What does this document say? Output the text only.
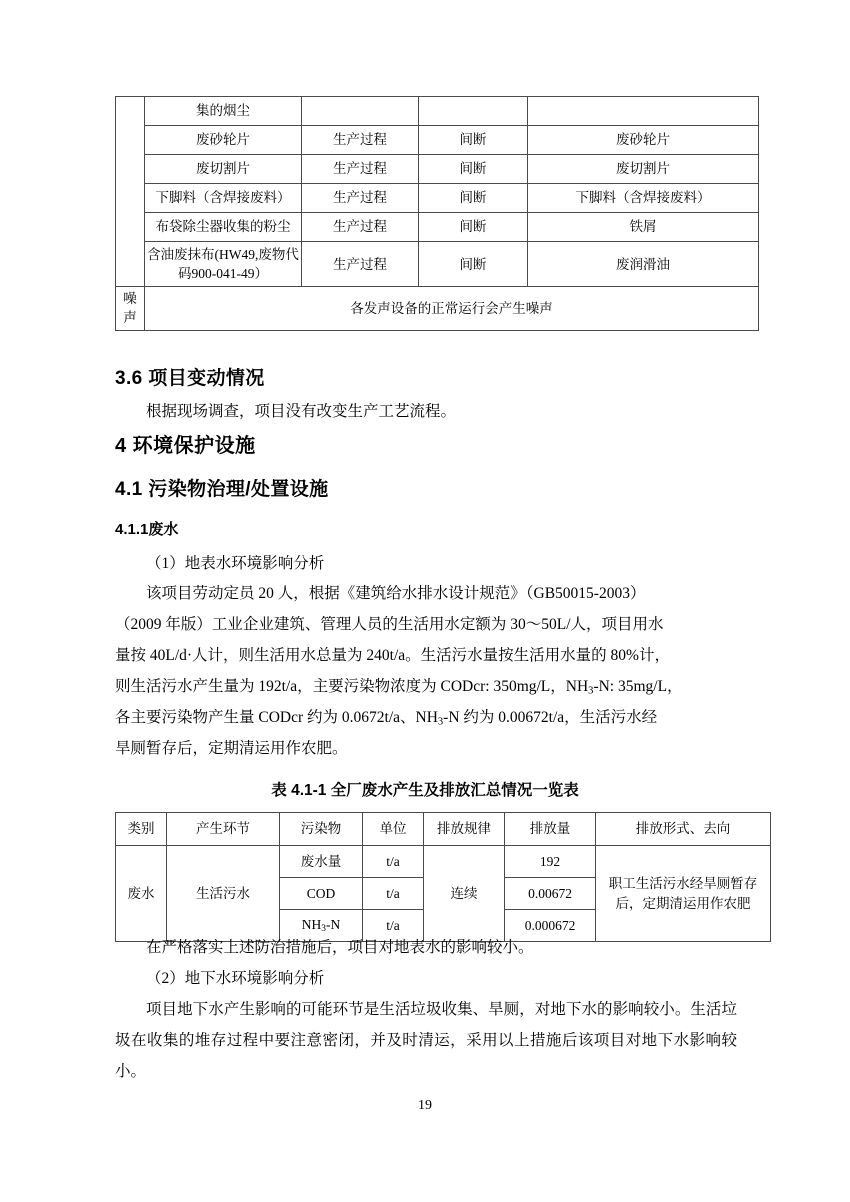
	集的烟尘			
	废砂轮片	生产过程	间断	废砂轮片
	废切割片	生产过程	间断	废切割片
	下脚料（含焊接废料）	生产过程	间断	下脚料（含焊接废料）
	布袋除尘器收集的粉尘	生产过程	间断	铁屑
	含油废抹布(HW49,废物代码900-041-49）	生产过程	间断	废润滑油
噪声	各发声设备的正常运行会产生噪声			
3.6 项目变动情况
根据现场调查，项目没有改变生产工艺流程。
4 环境保护设施
4.1 污染物治理/处置设施
4.1.1废水
（1）地表水环境影响分析
该项目劳动定员 20 人，根据《建筑给水排水设计规范》（GB50015-2003）
（2009 年版）工业企业建筑、管理人员的生活用水定额为 30～50L/人，项目用水
量按 40L/d·人计，则生活用水总量为 240t/a。生活污水量按生活用水量的 80%计，
则生活污水产生量为 192t/a，主要污染物浓度为 CODcr: 350mg/L，$NH_3-N$: 35mg/L，
各主要污染物产生量 CODcr 约为 0.0672t/a、$NH_3-N$ 约为 0.00672t/a，生活污水经
旱厕暂存后，定期清运用作农肥。
表 4.1-1 全厂废水产生及排放汇总情况一览表
类别	产生环节	污染物	单位	排放规律	排放量	排放形式、去向
废水	生活污水	废水量	t/a	连续	192	职工生活污水经旱厕暂存后，定期清运用作农肥
		COD	t/a		0.00672	
		NH3-N	t/a		0.000672	
在严格落实上述防治措施后，项目对地表水的影响较小。
（2）地下水环境影响分析
项目地下水产生影响的可能环节是生活垃圾收集、旱厕，对地下水的影响较小。生活垃圾在收集的堆存过程中要注意密闭，并及时清运，采用以上措施后该项目对地下水影响较小。
19
